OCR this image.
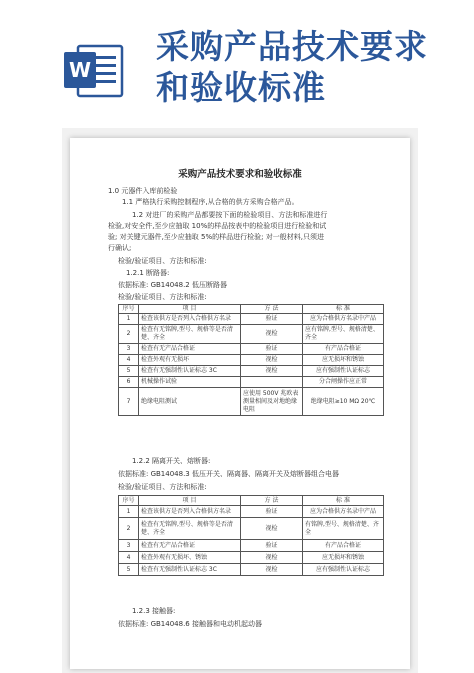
W
采购产品技术要求
和验收标准
采购产品技术要求和验收标准
1.0 元器件入库前检验
1.1 严格执行采购控制程序,从合格的供方采购合格产品。
1.2 对进厂的采购产品都要按下面的检验项目、方法和标准进行
检验,对安全件,至少应抽取 10%的样品按表中的检验项目进行检验和试
验; 对关键元器件,至少应抽取 5%的样品进行检验; 对一般材料,只须进
行确认;
检验/验证项目、方法和标准:
1.2.1 断路器:
依据标准: GB14048.2 低压断路器
检验/验证项目、方法和标准:
序号	项 目	方 法	标 准
1	检查该供方是否列入合格供方名录	验证	应为合格供方名录中产品
2	检查有无铭牌,型号、规格等是否清楚、齐全	视检	应有铭牌,型号、规格清楚、齐全
3	检查有无产品合格证	验证	有产品合格证
4	检查外观有无损坏	视检	应无损坏和锈蚀
5	检查有无强制性认证标志 3C	视检	应有强制性认证标志
6	机械操作试验		分合闸操作应正常
7	绝缘电阻测试	应使用 500V 兆欧表测量相间及对地绝缘电阻	绝缘电阻≥10 MΩ 20℃
1.2.2 隔离开关、熔断器:
依据标准: GB14048.3 低压开关、隔离器、隔离开关及熔断器组合电器
检验/验证项目、方法和标准:
序号	项 目	方 法	标 准
1	检查该供方是否列入合格供方名录	验证	应为合格供方名录中产品
2	检查有无铭牌,型号、规格等是否清楚、齐全	视检	有铭牌,型号、规格清楚、齐全
3	检查有无产品合格证	验证	有产品合格证
4	检查外观有无损坏、锈蚀	视检	应无损坏和锈蚀
5	检查有无强制性认证标志 3C	视检	应有强制性认证标志
1.2.3 接触器:
依据标准: GB14048.6 接触器和电动机起动器
